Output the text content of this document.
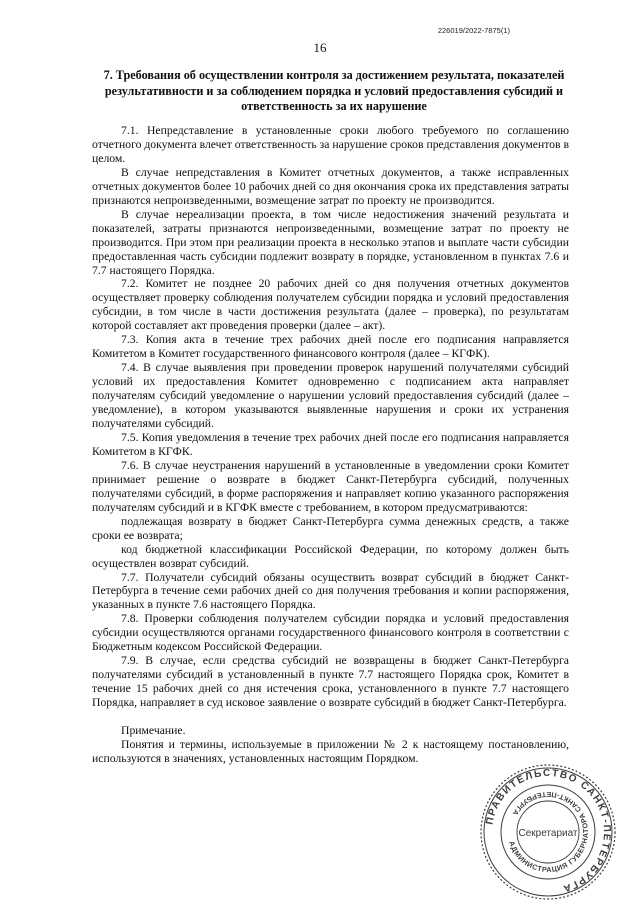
226019/2022-7875(1)
16
7. Требования об осуществлении контроля за достижением результата, показателей результативности и за соблюдением порядка и условий предоставления субсидий и ответственность за их нарушение

7.1. Непредставление в установленные сроки любого требуемого по соглашению отчетного документа влечет ответственность за нарушение сроков представления документов в целом.

В случае непредставления в Комитет отчетных документов, а также исправленных отчетных документов более 10 рабочих дней со дня окончания срока их представления затраты признаются непроизведенными, возмещение затрат по проекту не производится.

В случае нереализации проекта, в том числе недостижения значений результата и показателей, затраты признаются непроизведенными, возмещение затрат по проекту не производится. При этом при реализации проекта в несколько этапов и выплате части субсидии предоставленная часть субсидии подлежит возврату в порядке, установленном в пунктах 7.6 и 7.7 настоящего Порядка.

7.2. Комитет не позднее 20 рабочих дней со дня получения отчетных документов осуществляет проверку соблюдения получателем субсидии порядка и условий предоставления субсидии, в том числе в части достижения результата (далее – проверка), по результатам которой составляет акт проведения проверки (далее – акт).

7.3. Копия акта в течение трех рабочих дней после его подписания направляется Комитетом в Комитет государственного финансового контроля (далее – КГФК).

7.4. В случае выявления при проведении проверок нарушений получателями субсидий условий их предоставления Комитет одновременно с подписанием акта направляет получателям субсидий уведомление о нарушении условий предоставления субсидий (далее – уведомление), в котором указываются выявленные нарушения и сроки их устранения получателями субсидий.

7.5. Копия уведомления в течение трех рабочих дней после его подписания направляется Комитетом в КГФК.

7.6. В случае неустранения нарушений в установленные в уведомлении сроки Комитет принимает решение о возврате в бюджет Санкт-Петербурга субсидий, полученных получателями субсидий, в форме распоряжения и направляет копию указанного распоряжения получателям субсидий и в КГФК вместе с требованием, в котором предусматриваются:

подлежащая возврату в бюджет Санкт-Петербурга сумма денежных средств, а также сроки ее возврата;

код бюджетной классификации Российской Федерации, по которому должен быть осуществлен возврат субсидий.

7.7. Получатели субсидий обязаны осуществить возврат субсидий в бюджет Санкт-Петербурга в течение семи рабочих дней со дня получения требования и копии распоряжения, указанных в пункте 7.6 настоящего Порядка.

7.8. Проверки соблюдения получателем субсидии порядка и условий предоставления субсидии осуществляются органами государственного финансового контроля в соответствии с Бюджетным кодексом Российской Федерации.

7.9. В случае, если средства субсидий не возвращены в бюджет Санкт-Петербурга получателями субсидий в установленный в пункте 7.7 настоящего Порядка срок, Комитет в течение 15 рабочих дней со дня истечения срока, установленного в пункте 7.7 настоящего Порядка, направляет в суд исковое заявление о возврате субсидий в бюджет Санкт-Петербурга.

Примечание.

Понятия и термины, используемые в приложении № 2 к настоящему постановлению, используются в значениях, установленных настоящим Порядком.

ПРАВИТЕЛЬСТВО САНКТ-ПЕТЕРБУРГА
АДМИНИСТРАЦИЯ ГУБЕРНАТОРА САНКТ-ПЕТЕРБУРГА
Секретариат
